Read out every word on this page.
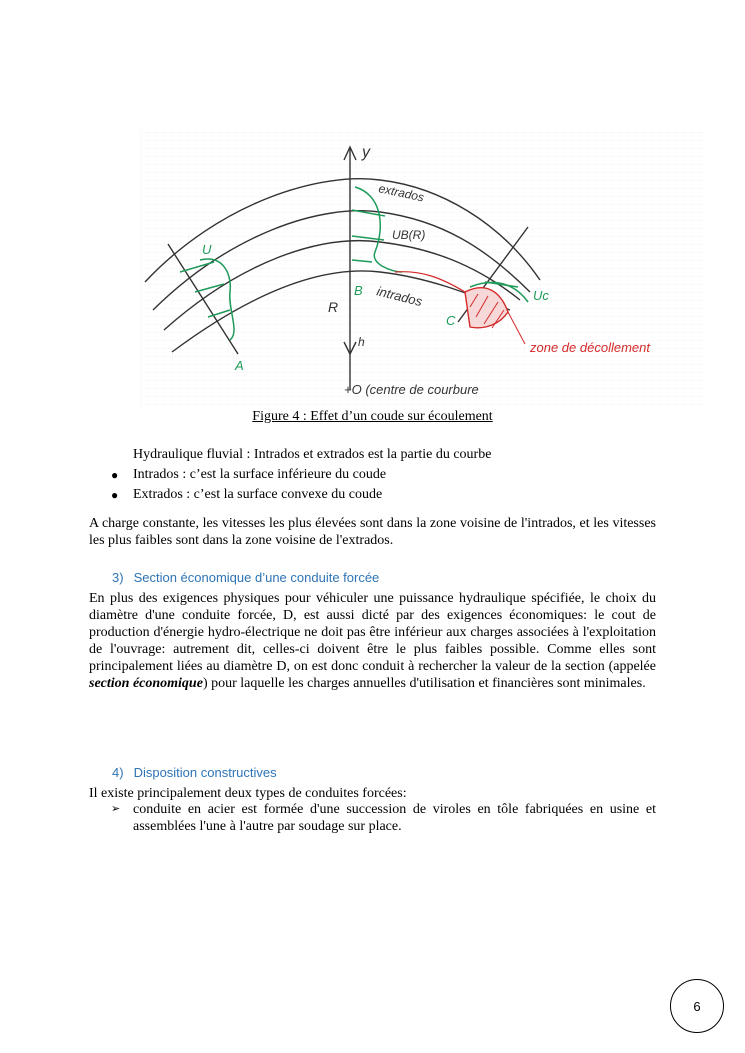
y
extrados
UB(R)
U
Uc
B intrados
R
h
C
A
zone de décollement
+O (centre de courbure
Figure 4 : Effet d’un coude sur écoulement
Hydraulique fluvial : Intrados et extrados est la partie du courbe
● Intrados : c’est la surface inférieure du coude
● Extrados : c’est la surface convexe du coude
A charge constante, les vitesses les plus élevées sont dans la zone voisine de l'intrados, et les vitesses les plus faibles sont dans la zone voisine de l'extrados.
3) Section économique d’une conduite forcée
En plus des exigences physiques pour véhiculer une puissance hydraulique spécifiée, le choix du diamètre d'une conduite forcée, D, est aussi dicté par des exigences économiques: le cout de production d'énergie hydro-électrique ne doit pas être inférieur aux charges associées à l'exploitation de l'ouvrage: autrement dit, celles-ci doivent être le plus faibles possible. Comme elles sont principalement liées au diamètre D, on est donc conduit à rechercher la valeur de la section (appelée section économique) pour laquelle les charges annuelles d'utilisation et financières sont minimales.
4) Disposition constructives
Il existe principalement deux types de conduites forcées:
➢ conduite en acier est formée d'une succession de viroles en tôle fabriquées en usine et assemblées l'une à l'autre par soudage sur place.
6
